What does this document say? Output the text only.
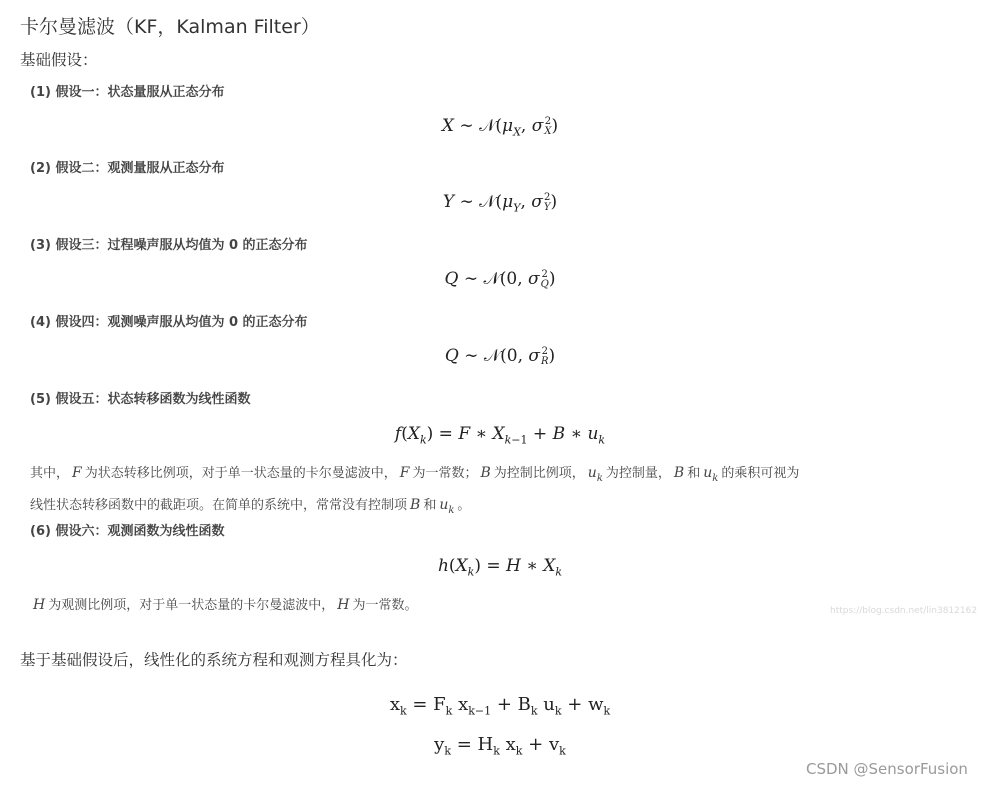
卡尔曼滤波（KF，Kalman Filter）
基础假设：
(1) 假设一：状态量服从正态分布
X ∼ $𝒩(\mu_X$, σ 2
X )
(2) 假设二：观测量服从正态分布
Y ∼ $𝒩(\mu_Y$, σ 2
Y )
(3) 假设三：过程噪声服从均值为 0 的正态分布
Q ∼ 𝒩(0, σ 2
Q )
(4) 假设四：观测噪声服从均值为 0 的正态分布
Q ∼ 𝒩(0, σ 2
R )
(5) 假设五：状态转移函数为线性函数
$f(X_k) = F$ ∗ $X_{k-1} + B$ ∗ $u_k$
其中， F 为状态转移比例项，对于单一状态量的卡尔曼滤波中， F 为一常数； B 为控制比例项， $u_k$ 为控制量， B 和 $u_k$ 的乘积可视为
线性状态转移函数中的截距项。在简单的系统中，常常没有控制项 B 和 $u_k$ 。
(6) 假设六：观测函数为线性函数
$h(X_k) = H$ ∗ $X_k$
H 为观测比例项，对于单一状态量的卡尔曼滤波中， H 为一常数。	https://blog.csdn.net/lin3812162
基于基础假设后，线性化的系统方程和观测方程具化为：
$x_k = F_k$ $x_{k-1} + B_k$ $u_k + w_k$
$y_k = H_k$ $x_k + v_k$
CSDN @SensorFusion
